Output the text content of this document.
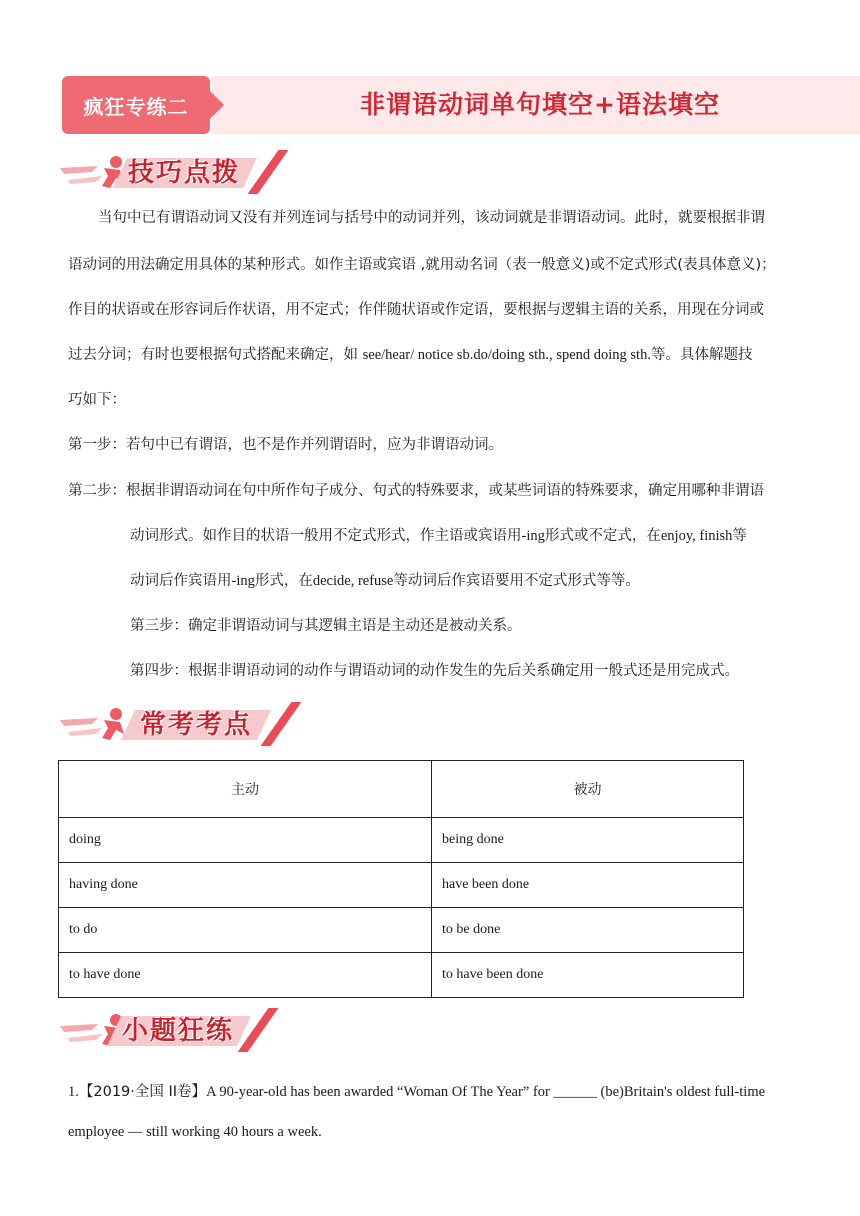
疯狂专练二	非谓语动词单句填空+语法填空
技巧点拨
当句中已有谓语动词又没有并列连词与括号中的动词并列，该动词就是非谓语动词。此时，就要根据非谓
语动词的用法确定用具体的某种形式。如作主语或宾语 ,就用动名词（表一般意义)或不定式形式(表具体意义)；
作目的状语或在形容词后作状语，用不定式；作伴随状语或作定语，要根据与逻辑主语的关系，用现在分词或
过去分词；有时也要根据句式搭配来确定，如 see/hear/ notice sb.do/doing sth., spend doing sth.等。具体解题技
巧如下：
第一步：若句中已有谓语，也不是作并列谓语时，应为非谓语动词。
第二步：根据非谓语动词在句中所作句子成分、句式的特殊要求，或某些词语的特殊要求，确定用哪种非谓语
动词形式。如作目的状语一般用不定式形式，作主语或宾语用-ing形式或不定式，在enjoy, finish等
动词后作宾语用-ing形式，在decide, refuse等动词后作宾语要用不定式形式等等。
第三步：确定非谓语动词与其逻辑主语是主动还是被动关系。
第四步：根据非谓语动词的动作与谓语动词的动作发生的先后关系确定用一般式还是用完成式。
常考考点
主动	被动
doing	being done
having done	have been done
to do	to be done
to have done	to have been done
小题狂练
1.【2019·全国 II卷】A 90-year-old has been awarded “Woman Of The Year” for ______ (be)Britain's oldest full-time
employee — still working 40 hours a week.
